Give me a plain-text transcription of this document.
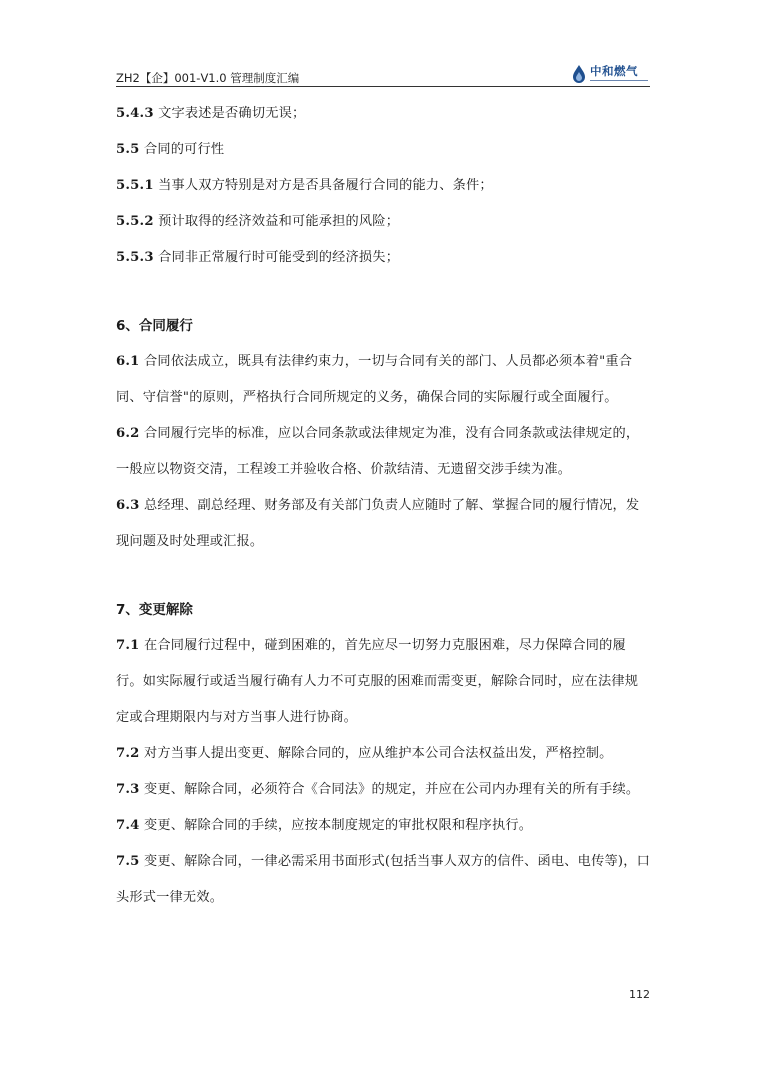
ZH2【企】001-V1.0 管理制度汇编	中和燃气

5.4.3 文字表述是否确切无误；

5.5 合同的可行性

5.5.1 当事人双方特别是对方是否具备履行合同的能力、条件；

5.5.2 预计取得的经济效益和可能承担的风险；

5.5.3 合同非正常履行时可能受到的经济损失；

6、合同履行

6.1 合同依法成立，既具有法律约束力，一切与合同有关的部门、人员都必须本着"重合同、守信誉"的原则，严格执行合同所规定的义务，确保合同的实际履行或全面履行。

6.2 合同履行完毕的标准，应以合同条款或法律规定为准，没有合同条款或法律规定的，一般应以物资交清，工程竣工并验收合格、价款结清、无遗留交涉手续为准。

6.3 总经理、副总经理、财务部及有关部门负责人应随时了解、掌握合同的履行情况，发现问题及时处理或汇报。

7、变更解除

7.1 在合同履行过程中，碰到困难的，首先应尽一切努力克服困难，尽力保障合同的履行。如实际履行或适当履行确有人力不可克服的困难而需变更，解除合同时，应在法律规定或合理期限内与对方当事人进行协商。

7.2 对方当事人提出变更、解除合同的，应从维护本公司合法权益出发，严格控制。

7.3 变更、解除合同，必须符合《合同法》的规定，并应在公司内办理有关的所有手续。

7.4 变更、解除合同的手续，应按本制度规定的审批权限和程序执行。

7.5 变更、解除合同，一律必需采用书面形式(包括当事人双方的信件、函电、电传等)，口头形式一律无效。

112
